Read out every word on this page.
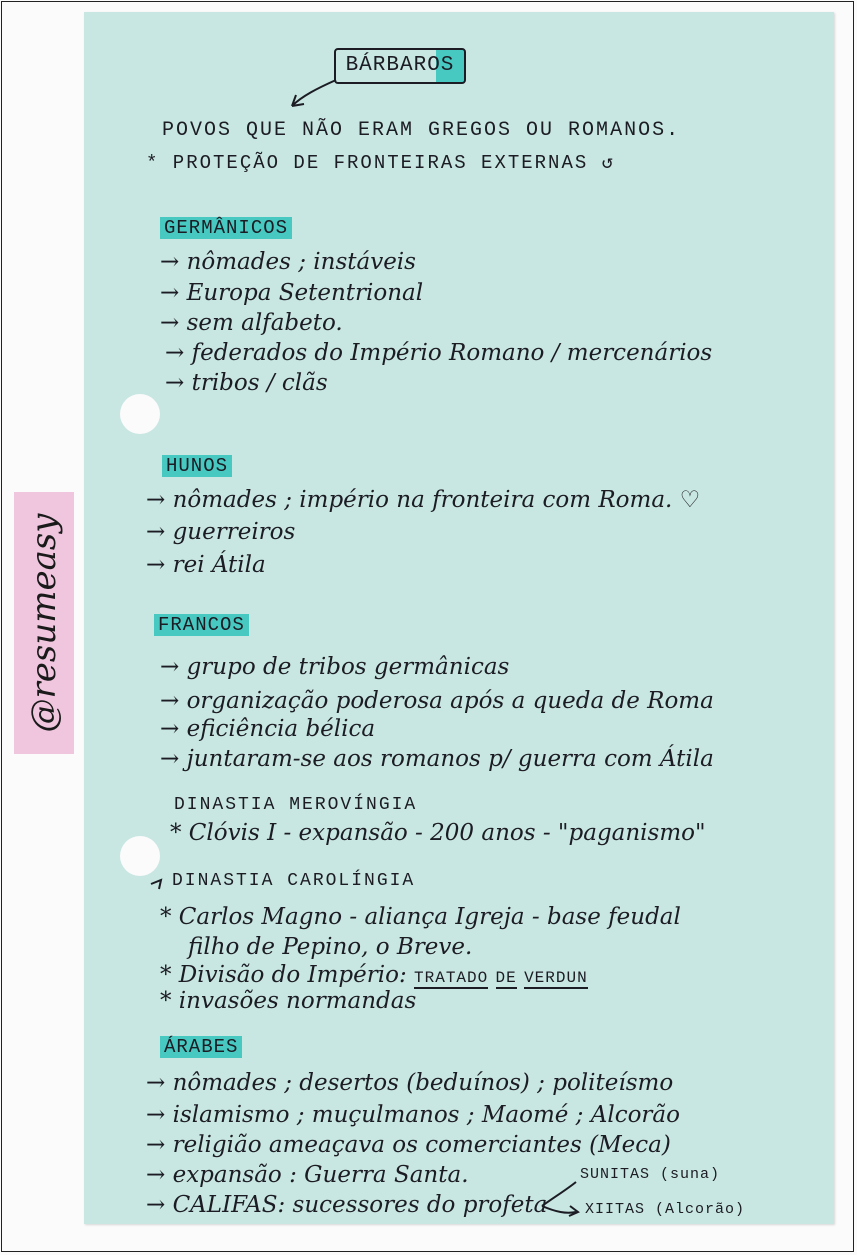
@resumeasy
BÁRBAROS
POVOS QUE NÃO ERAM GREGOS OU ROMANOS.
* PROTEÇÃO DE FRONTEIRAS EXTERNAS ↺
GERMÂNICOS
→ nômades ; instáveis
→ Europa Setentrional
→ sem alfabeto.
→ federados do Império Romano / mercenários
→ tribos / clãs
HUNOS
→ nômades ; império na fronteira com Roma. ♡
→ guerreiros
→ rei Átila
FRANCOS
→ grupo de tribos germânicas
→ organização poderosa após a queda de Roma
→ eficiência bélica
→ juntaram-se aos romanos p/ guerra com Átila
DINASTIA MEROVÍNGIA
* Clóvis I - expansão - 200 anos - "paganismo"
DINASTIA CAROLÍNGIA
* Carlos Magno - aliança Igreja - base feudal
filho de Pepino, o Breve.
* Divisão do Império: TRATADO DE VERDUN
* invasões normandas
ÁRABES
→ nômades ; desertos (beduínos) ; politeísmo
→ islamismo ; muçulmanos ; Maomé ; Alcorão
→ religião ameaçava os comerciantes (Meca)
→ expansão : Guerra Santa.
→ CALIFAS: sucessores do profeta
SUNITAS (suna)
XIITAS (Alcorão)
